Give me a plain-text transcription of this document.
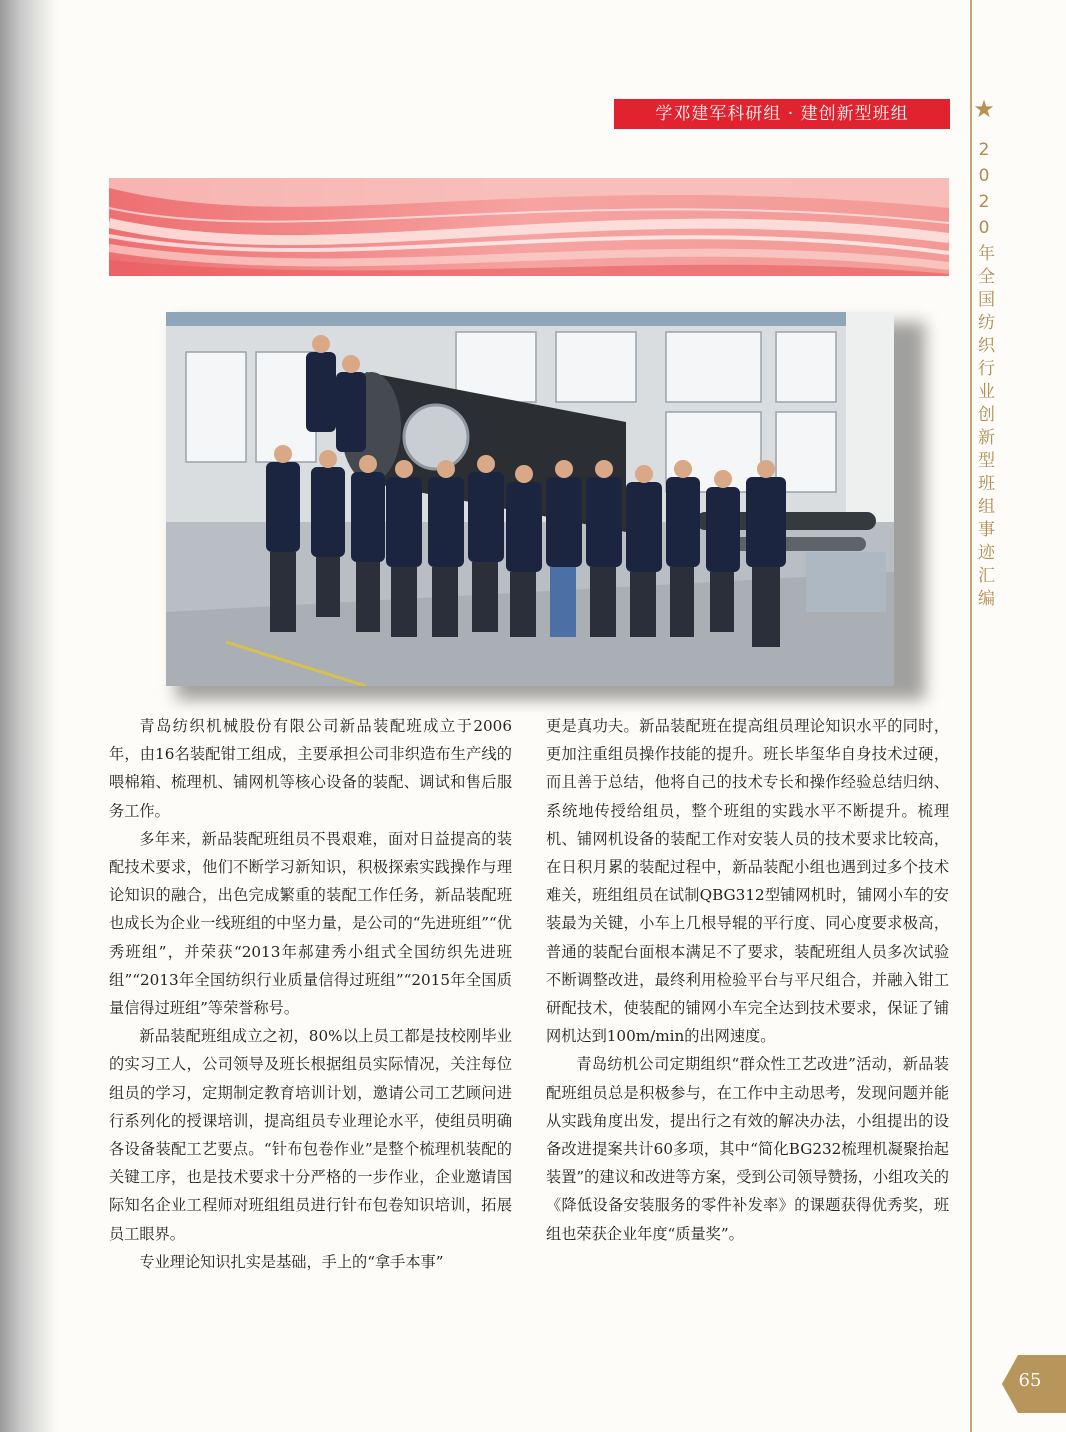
★
2020年全国纺织行业创新型班组事迹汇编
学邓建军科研组 · 建创新型班组

青岛纺织机械股份有限公司新品装配班成立于2006年，由16名装配钳工组成，主要承担公司非织造布生产线的喂棉箱、梳理机、铺网机等核心设备的装配、调试和售后服务工作。

多年来，新品装配班组员不畏艰难，面对日益提高的装配技术要求，他们不断学习新知识，积极探索实践操作与理论知识的融合，出色完成繁重的装配工作任务，新品装配班也成长为企业一线班组的中坚力量，是公司的“先进班组”“优秀班组”，并荣获“2013年郝建秀小组式全国纺织先进班组”“2013年全国纺织行业质量信得过班组”“2015年全国质量信得过班组”等荣誉称号。

新品装配班组成立之初，80%以上员工都是技校刚毕业的实习工人，公司领导及班长根据组员实际情况，关注每位组员的学习，定期制定教育培训计划，邀请公司工艺顾问进行系列化的授课培训，提高组员专业理论水平，使组员明确各设备装配工艺要点。“针布包卷作业”是整个梳理机装配的关键工序，也是技术要求十分严格的一步作业，企业邀请国际知名企业工程师对班组组员进行针布包卷知识培训，拓展员工眼界。

专业理论知识扎实是基础，手上的“拿手本事”

更是真功夫。新品装配班在提高组员理论知识水平的同时，更加注重组员操作技能的提升。班长毕玺华自身技术过硬，而且善于总结，他将自己的技术专长和操作经验总结归纳、系统地传授给组员，整个班组的实践水平不断提升。梳理机、铺网机设备的装配工作对安装人员的技术要求比较高，在日积月累的装配过程中，新品装配小组也遇到过多个技术难关，班组组员在试制QBG312型铺网机时，铺网小车的安装最为关键，小车上几根导辊的平行度、同心度要求极高，普通的装配台面根本满足不了要求，装配班组人员多次试验不断调整改进，最终利用检验平台与平尺组合，并融入钳工研配技术，使装配的铺网小车完全达到技术要求，保证了铺网机达到100m/min的出网速度。

青岛纺机公司定期组织“群众性工艺改进”活动，新品装配班组员总是积极参与，在工作中主动思考，发现问题并能从实践角度出发，提出行之有效的解决办法，小组提出的设备改进提案共计60多项，其中“简化BG232梳理机凝聚抬起装置”的建议和改进等方案，受到公司领导赞扬，小组攻关的《降低设备安装服务的零件补发率》的课题获得优秀奖，班组也荣获企业年度“质量奖”。

65
